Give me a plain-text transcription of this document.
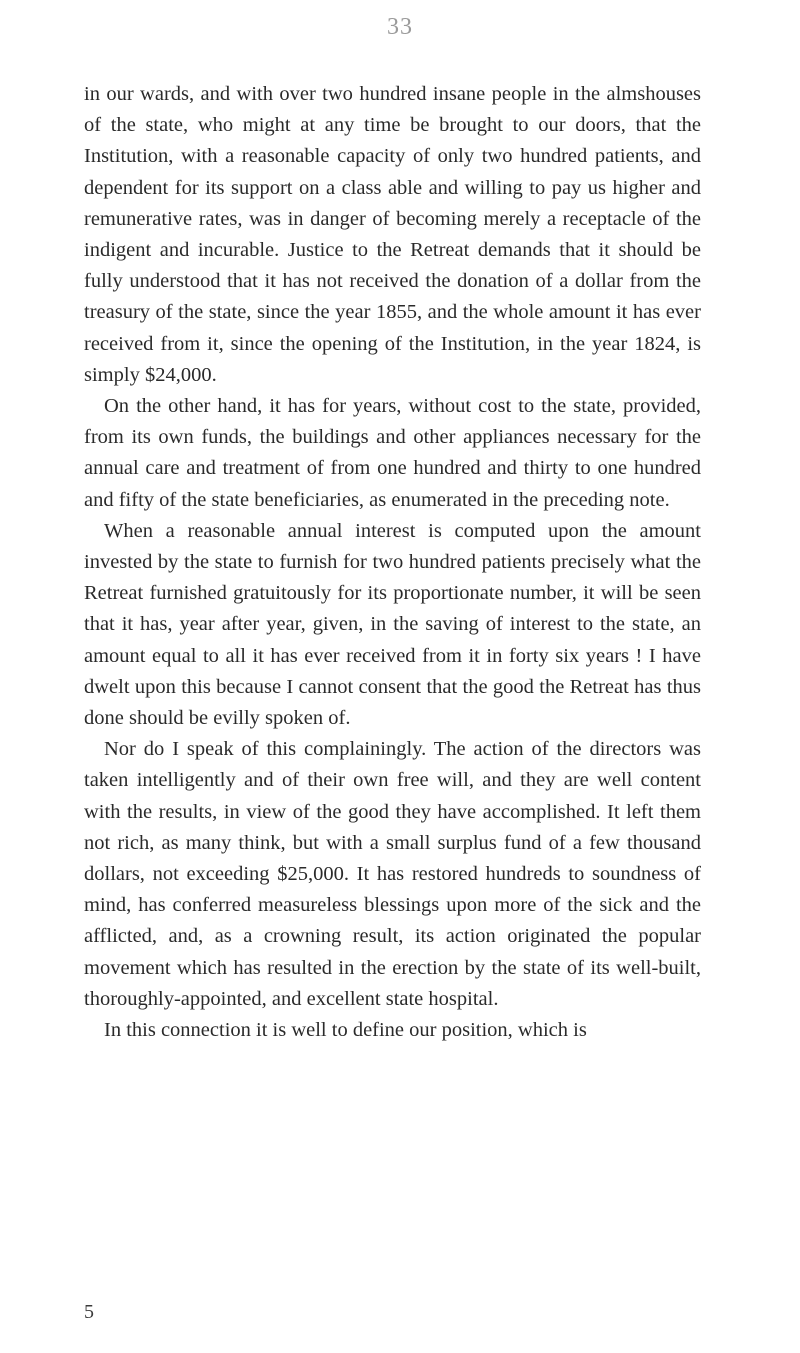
33

in our wards, and with over two hundred insane people in the almshouses of the state, who might at any time be brought to our doors, that the Institution, with a reasonable capacity of only two hundred patients, and dependent for its support on a class able and willing to pay us higher and remunerative rates, was in danger of becoming merely a receptacle of the indigent and incurable. Justice to the Retreat demands that it should be fully understood that it has not received the donation of a dollar from the treasury of the state, since the year 1855, and the whole amount it has ever received from it, since the opening of the Institution, in the year 1824, is simply $24,000.

On the other hand, it has for years, without cost to the state, provided, from its own funds, the buildings and other appliances necessary for the annual care and treatment of from one hundred and thirty to one hundred and fifty of the state beneficiaries, as enumerated in the preceding note.

When a reasonable annual interest is computed upon the amount invested by the state to furnish for two hundred patients precisely what the Retreat furnished gratuitously for its proportionate number, it will be seen that it has, year after year, given, in the saving of interest to the state, an amount equal to all it has ever received from it in forty six years ! I have dwelt upon this because I cannot consent that the good the Retreat has thus done should be evilly spoken of.

Nor do I speak of this complainingly. The action of the directors was taken intelligently and of their own free will, and they are well content with the results, in view of the good they have accomplished. It left them not rich, as many think, but with a small surplus fund of a few thousand dollars, not exceeding $25,000. It has restored hundreds to soundness of mind, has conferred measureless blessings upon more of the sick and the afflicted, and, as a crowning result, its action originated the popular movement which has resulted in the erection by the state of its well-built, thoroughly-appointed, and excellent state hospital.

In this connection it is well to define our position, which is

5
